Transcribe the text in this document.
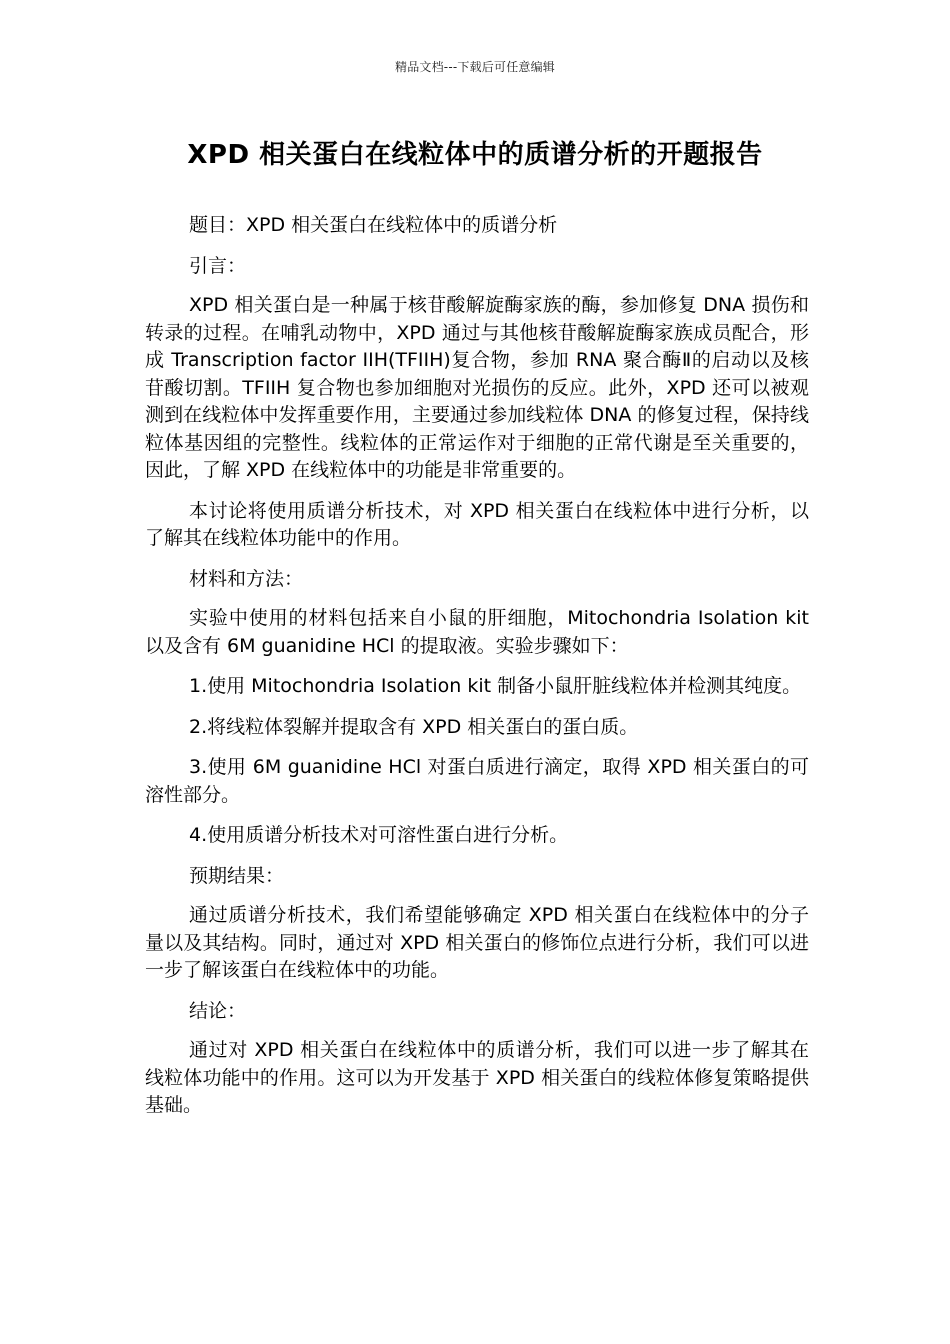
精品文档---下载后可任意编辑
XPD 相关蛋白在线粒体中的质谱分析的开题报告

题目：XPD 相关蛋白在线粒体中的质谱分析

引言：

XPD 相关蛋白是一种属于核苷酸解旋酶家族的酶，参加修复 DNA 损伤和转录的过程。在哺乳动物中，XPD 通过与其他核苷酸解旋酶家族成员配合，形成 Transcription factor IIH(TFIIH)复合物，参加 RNA 聚合酶Ⅱ的启动以及核苷酸切割。TFIIH 复合物也参加细胞对光损伤的反应。此外，XPD 还可以被观测到在线粒体中发挥重要作用，主要通过参加线粒体 DNA 的修复过程，保持线粒体基因组的完整性。线粒体的正常运作对于细胞的正常代谢是至关重要的，因此，了解 XPD 在线粒体中的功能是非常重要的。

本讨论将使用质谱分析技术，对 XPD 相关蛋白在线粒体中进行分析，以了解其在线粒体功能中的作用。

材料和方法：

实验中使用的材料包括来自小鼠的肝细胞，Mitochondria Isolation kit 以及含有 6M guanidine HCl 的提取液。实验步骤如下：

1.使用 Mitochondria Isolation kit 制备小鼠肝脏线粒体并检测其纯度。

2.将线粒体裂解并提取含有 XPD 相关蛋白的蛋白质。

3.使用 6M guanidine HCl 对蛋白质进行滴定，取得 XPD 相关蛋白的可溶性部分。

4.使用质谱分析技术对可溶性蛋白进行分析。

预期结果：

通过质谱分析技术，我们希望能够确定 XPD 相关蛋白在线粒体中的分子量以及其结构。同时，通过对 XPD 相关蛋白的修饰位点进行分析，我们可以进一步了解该蛋白在线粒体中的功能。

结论：

通过对 XPD 相关蛋白在线粒体中的质谱分析，我们可以进一步了解其在线粒体功能中的作用。这可以为开发基于 XPD 相关蛋白的线粒体修复策略提供基础。
